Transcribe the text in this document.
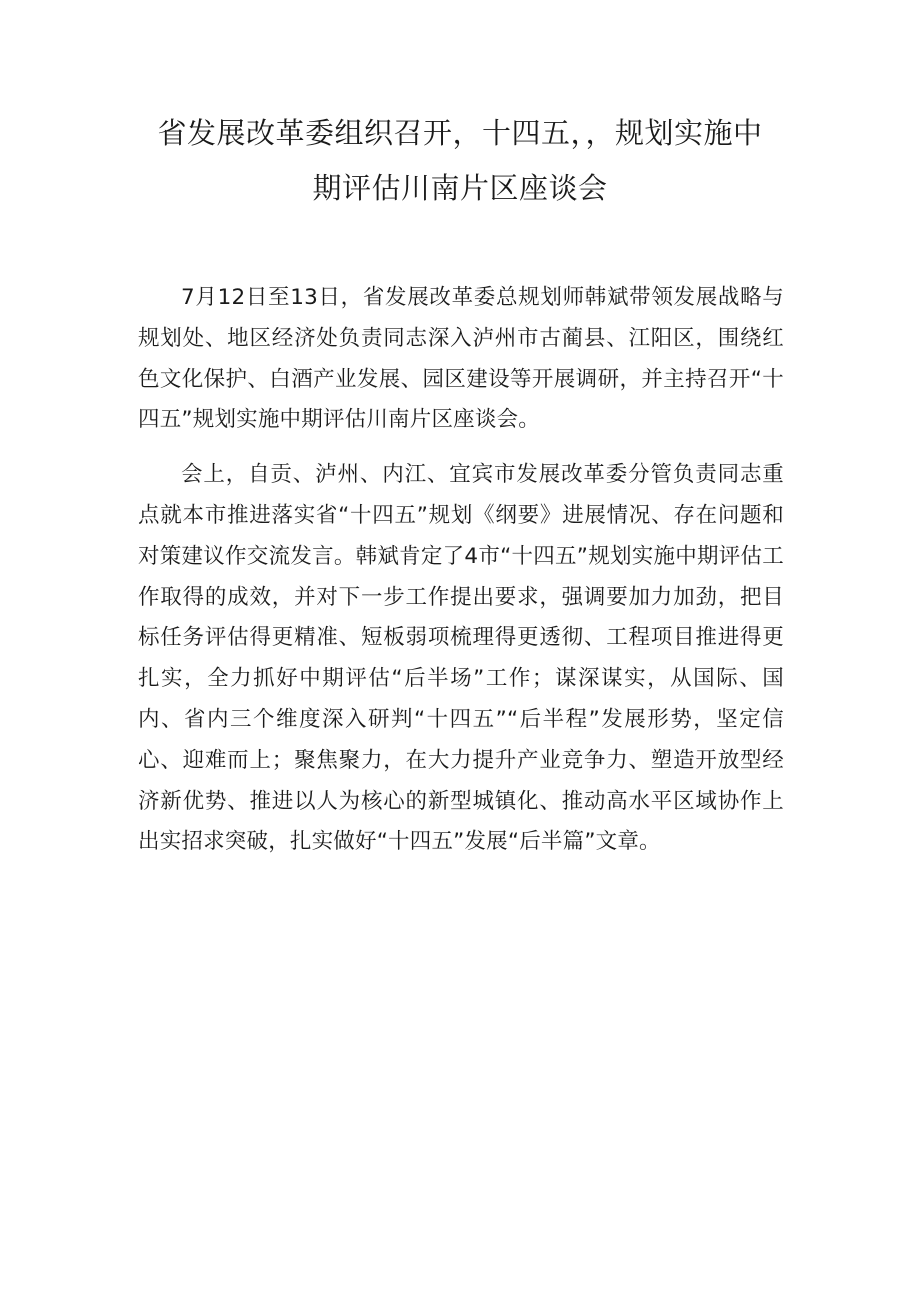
省发展改革委组织召开，十四五，，规划实施中
期评估川南片区座谈会

7月12日至13日，省发展改革委总规划师韩斌带领发展战略与规划处、地区经济处负责同志深入泸州市古蔺县、江阳区，围绕红色文化保护、白酒产业发展、园区建设等开展调研，并主持召开“十四五”规划实施中期评估川南片区座谈会。

会上，自贡、泸州、内江、宜宾市发展改革委分管负责同志重点就本市推进落实省“十四五”规划《纲要》进展情况、存在问题和对策建议作交流发言。韩斌肯定了4市“十四五”规划实施中期评估工作取得的成效，并对下一步工作提出要求，强调要加力加劲，把目标任务评估得更精准、短板弱项梳理得更透彻、工程项目推进得更扎实，全力抓好中期评估“后半场”工作；谋深谋实，从国际、国内、省内三个维度深入研判“十四五”“后半程”发展形势，坚定信心、迎难而上；聚焦聚力，在大力提升产业竞争力、塑造开放型经济新优势、推进以人为核心的新型城镇化、推动高水平区域协作上出实招求突破，扎实做好“十四五”发展“后半篇”文章。
